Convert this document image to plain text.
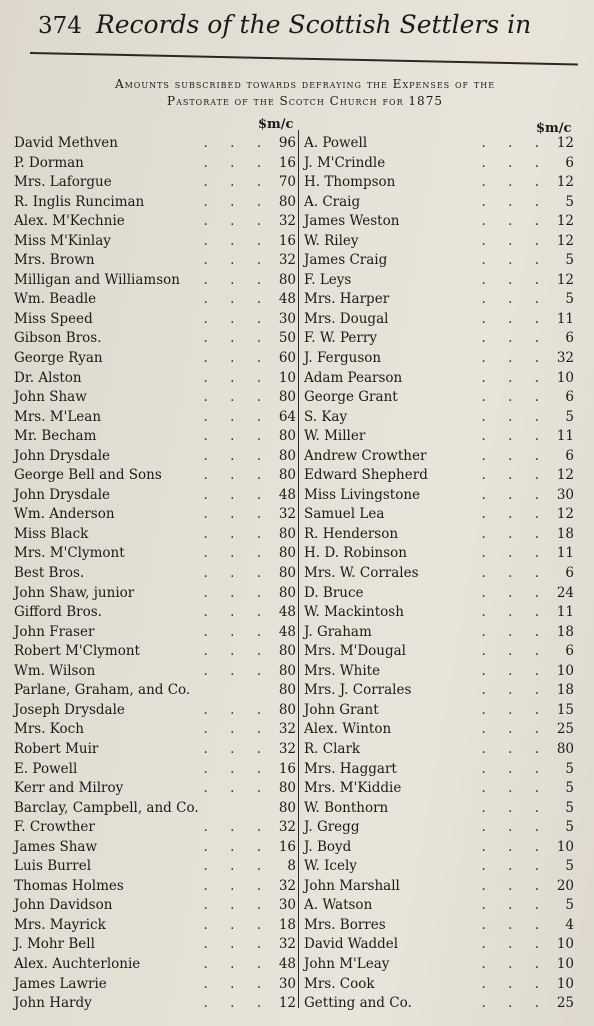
374 Records of the Scottish Settlers in
Amounts subscribed towards defraying the Expenses of the
Pastorate of the Scotch Church for 1875
$m/c	$m/c
David Methven	. . . 96
P. Dorman	. . . 16
Mrs. Laforgue	. . . 70
R. Inglis Runciman	. . . 80
Alex. M'Kechnie	. . . 32
Miss M'Kinlay	. . . 16
Mrs. Brown	. . . 32
Milligan and Williamson	. . . 80
Wm. Beadle	. . . 48
Miss Speed	. . . 30
Gibson Bros.	. . . 50
George Ryan	. . . 60
Dr. Alston	. . . 10
John Shaw	. . . 80
Mrs. M'Lean	. . . 64
Mr. Becham	. . . 80
John Drysdale	. . . 80
George Bell and Sons	. . . 80
John Drysdale	. . . 48
Wm. Anderson	. . . 32
Miss Black	. . . 80
Mrs. M'Clymont	. . . 80
Best Bros.	. . . 80
John Shaw, junior	. . . 80
Gifford Bros.	. . . 48
John Fraser	. . . 48
Robert M'Clymont	. . . 80
Wm. Wilson	. . . 80
Parlane, Graham, and Co.	80
Joseph Drysdale	. . . 80
Mrs. Koch	. . . 32
Robert Muir	. . . 32
E. Powell	. . . 16
Kerr and Milroy	. . . 80
Barclay, Campbell, and Co.	80
F. Crowther	. . . 32
James Shaw	. . . 16
Luis Burrel	. . . 8
Thomas Holmes	. . . 32
John Davidson	. . . 30
Mrs. Mayrick	. . . 18
J. Mohr Bell	. . . 32
Alex. Auchterlonie	. . . 48
James Lawrie	. . . 30
John Hardy	. . . 12
A. Powell	. . . 12
J. M'Crindle	. . . 6
H. Thompson	. . . 12
A. Craig	. . . 5
James Weston	. . . 12
W. Riley	. . . 12
James Craig	. . . 5
F. Leys	. . . 12
Mrs. Harper	. . . 5
Mrs. Dougal	. . . 11
F. W. Perry	. . . 6
J. Ferguson	. . . 32
Adam Pearson	. . . 10
George Grant	. . . 6
S. Kay	. . . 5
W. Miller	. . . 11
Andrew Crowther	. . . 6
Edward Shepherd	. . . 12
Miss Livingstone	. . . 30
Samuel Lea	. . . 12
R. Henderson	. . . 18
H. D. Robinson	. . . 11
Mrs. W. Corrales	. . . 6
D. Bruce	. . . 24
W. Mackintosh	. . . 11
J. Graham	. . . 18
Mrs. M'Dougal	. . . 6
Mrs. White	. . . 10
Mrs. J. Corrales	. . . 18
John Grant	. . . 15
Alex. Winton	. . . 25
R. Clark	. . . 80
Mrs. Haggart	. . . 5
Mrs. M'Kiddie	. . . 5
W. Bonthorn	. . . 5
J. Gregg	. . . 5
J. Boyd	. . . 10
W. Icely	. . . 5
John Marshall	. . . 20
A. Watson	. . . 5
Mrs. Borres	. . . 4
David Waddel	. . . 10
John M'Leay	. . . 10
Mrs. Cook	. . . 10
Getting and Co.	. . . 25
